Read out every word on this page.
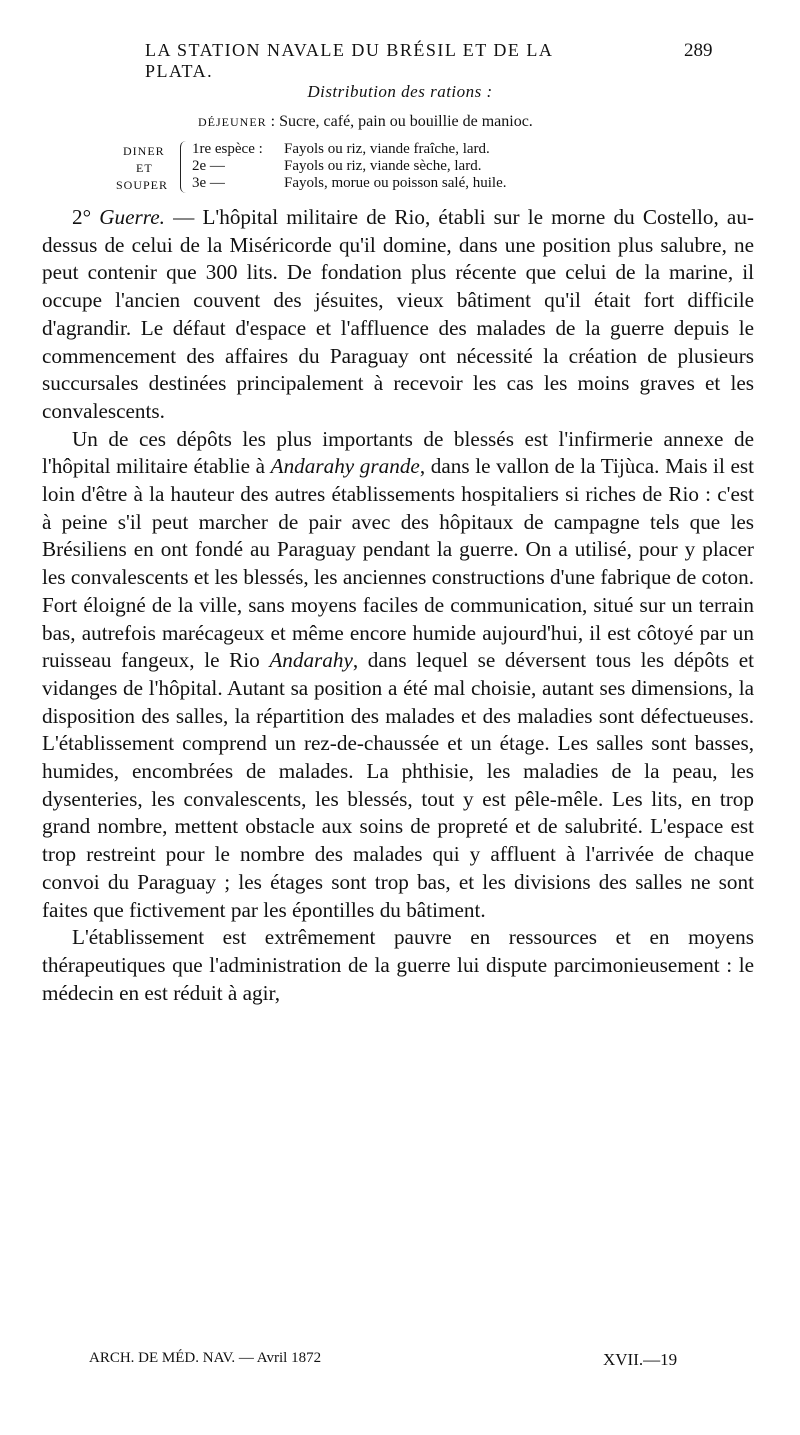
LA STATION NAVALE DU BRÉSIL ET DE LA PLATA.
289
Distribution des rations :
DÉJEUNER : Sucre, café, pain ou bouillie de manioc.
DINER
ET
SOUPER
1re espèce : Fayols ou riz, viande fraîche, lard.
2e —	Fayols ou riz, viande sèche, lard.
3e —	Fayols, morue ou poisson salé, huile.

2° Guerre. — L'hôpital militaire de Rio, établi sur le morne du Costello, au-dessus de celui de la Miséricorde qu'il domine, dans une position plus salubre, ne peut contenir que 300 lits. De fondation plus récente que celui de la marine, il occupe l'ancien couvent des jésuites, vieux bâtiment qu'il était fort difficile d'agrandir. Le défaut d'espace et l'affluence des malades de la guerre depuis le commencement des affaires du Paraguay ont nécessité la création de plusieurs succursales destinées principalement à recevoir les cas les moins graves et les convalescents.

Un de ces dépôts les plus importants de blessés est l'infirmerie annexe de l'hôpital militaire établie à Andarahy grande, dans le vallon de la Tijùca. Mais il est loin d'être à la hauteur des autres établissements hospitaliers si riches de Rio : c'est à peine s'il peut marcher de pair avec des hôpitaux de campagne tels que les Brésiliens en ont fondé au Paraguay pendant la guerre. On a utilisé, pour y placer les convalescents et les blessés, les anciennes constructions d'une fabrique de coton. Fort éloigné de la ville, sans moyens faciles de communication, situé sur un terrain bas, autrefois marécageux et même encore humide aujourd'hui, il est côtoyé par un ruisseau fangeux, le Rio Andarahy, dans lequel se déversent tous les dépôts et vidanges de l'hôpital. Autant sa position a été mal choisie, autant ses dimensions, la disposition des salles, la répartition des malades et des maladies sont défectueuses. L'établissement comprend un rez-de-chaussée et un étage. Les salles sont basses, humides, encombrées de malades. La phthisie, les maladies de la peau, les dysenteries, les convalescents, les blessés, tout y est pêle-mêle. Les lits, en trop grand nombre, mettent obstacle aux soins de propreté et de salubrité. L'espace est trop restreint pour le nombre des malades qui y affluent à l'arrivée de chaque convoi du Paraguay ; les étages sont trop bas, et les divisions des salles ne sont faites que fictivement par les épontilles du bâtiment.

L'établissement est extrêmement pauvre en ressources et en moyens thérapeutiques que l'administration de la guerre lui dispute parcimonieusement : le médecin en est réduit à agir,

ARCH. DE MÉD. NAV. — Avril 1872	XVII.—19
